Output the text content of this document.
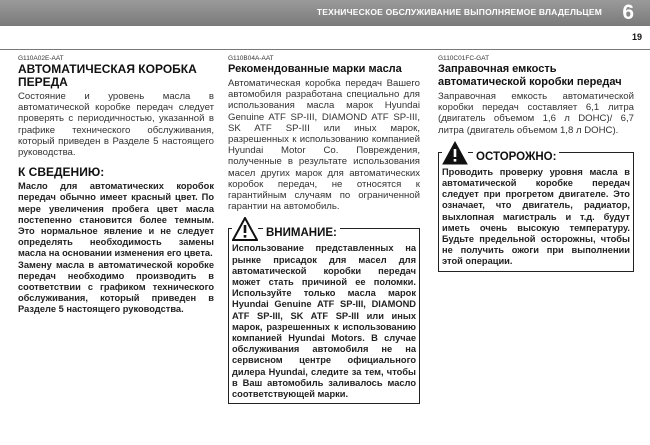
ТЕХНИЧЕСКОЕ ОБСЛУЖИВАНИЕ ВЫПОЛНЯЕМОЕ ВЛАДЕЛЬЦЕМ 6
19

G110A02E-AAT

АВТОМАТИЧЕСКАЯ КОРОБКА ПЕРЕДА

Состояние и уровень масла в автоматической коробке передач следует проверять с периодичностью, указанной в графике технического обслуживания, который приведен в Разделе 5 настоящего руководства.

К СВЕДЕНИЮ:

Масло для автоматических коробок передач обычно имеет красный цвет. По мере увеличения пробега цвет масла постепенно становится более темным. Это нормальное явление и не следует определять необходимость замены масла на основании изменения его цвета.

Замену масла в автоматической коробке передач необходимо производить в соответствии с графиком технического обслуживания, который приведен в Разделе 5 настоящего руководства.

G110B04A-AAT

Рекомендованные марки масла

Автоматическая коробка передач Вашего автомобиля разработана специально для использования масла марок Hyundai Genuine ATF SP-III, DIAMOND ATF SP-III, SK ATF SP-III или иных марок, разрешенных к использованию компанией Hyundai Motor Co. Повреждения, полученные в результате использования масел других марок для автоматических коробок передач, не относятся к гарантийным случаям по ограниченной гарантии на автомобиль.

ВНИМАНИЕ:

Использование представленных на рынке присадок для масел для автоматической коробки передач может стать причиной ее поломки. Используйте только масла марок Hyundai Genuine ATF SP-III, DIAMOND ATF SP-III, SK ATF SP-III или иных марок, разрешенных к использованию компанией Hyundai Motors. В случае обслуживания автомобиля не на сервисном центре официального дилера Hyundai, следите за тем, чтобы в Ваш автомобиль заливалось масло соответствующей марки.

G110C01FC-GAT

Заправочная емкость автоматической коробки передач

Заправочная емкость автоматической коробки передач составляет 6,1 литра (двигатель объемом 1,6 л DOHC)/ 6,7 литра (двигатель объемом 1,8 л DOHC).

ОСТОРОЖНО:

Проводить проверку уровня масла в автоматической коробке передач следует при прогретом двигателе. Это означает, что двигатель, радиатор, выхлопная магистраль и т.д. будут иметь очень высокую температуру. Будьте предельной осторожны, чтобы не получить ожоги при выполнении этой операции.
